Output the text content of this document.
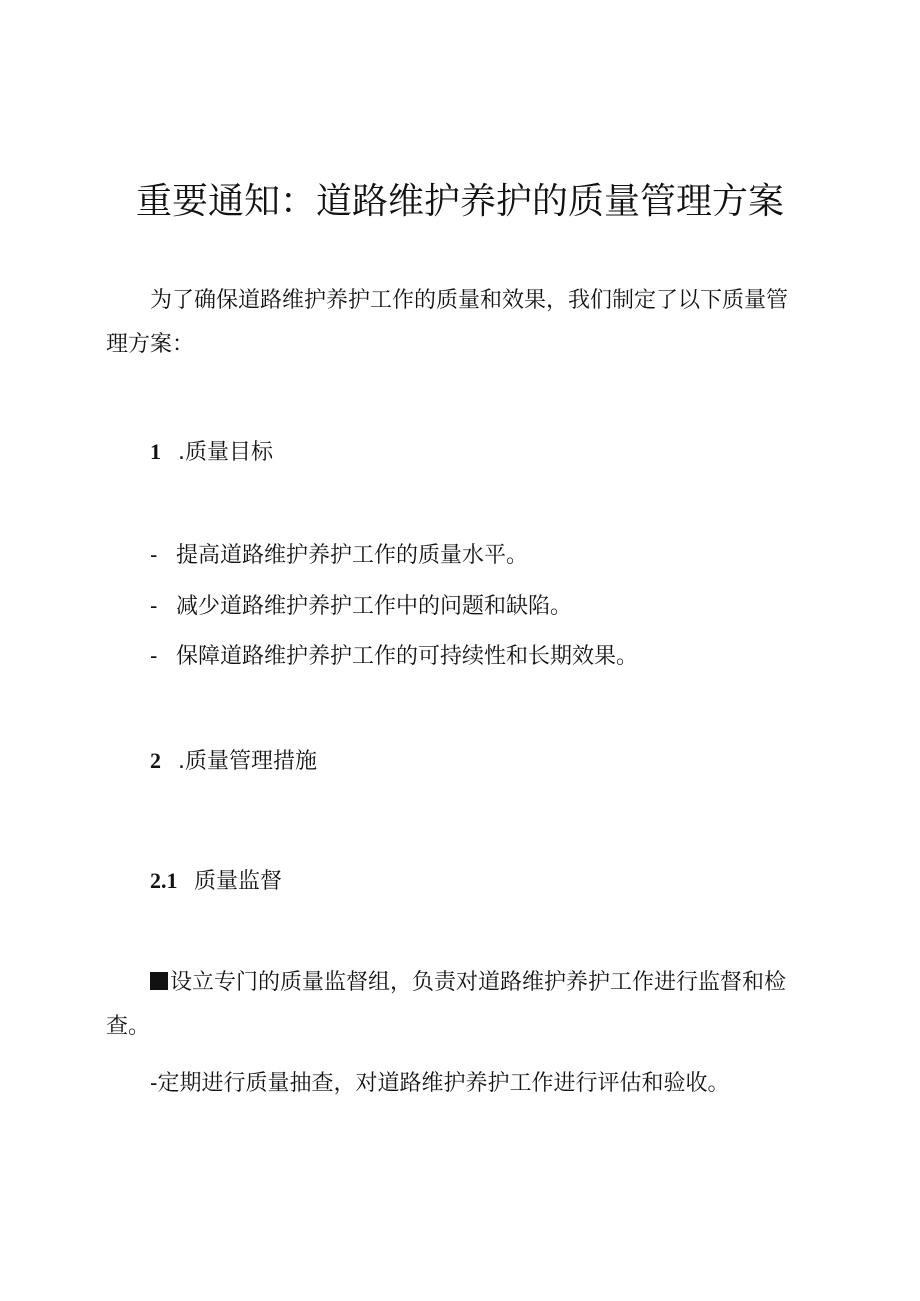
重要通知：道路维护养护的质量管理方案

为了确保道路维护养护工作的质量和效果，我们制定了以下质量管理方案：

1 .质量目标
- 提高道路维护养护工作的质量水平。
- 减少道路维护养护工作中的问题和缺陷。
- 保障道路维护养护工作的可持续性和长期效果。
2 .质量管理措施
2.1 质量监督

设立专门的质量监督组，负责对道路维护养护工作进行监督和检查。

-定期进行质量抽查，对道路维护养护工作进行评估和验收。
